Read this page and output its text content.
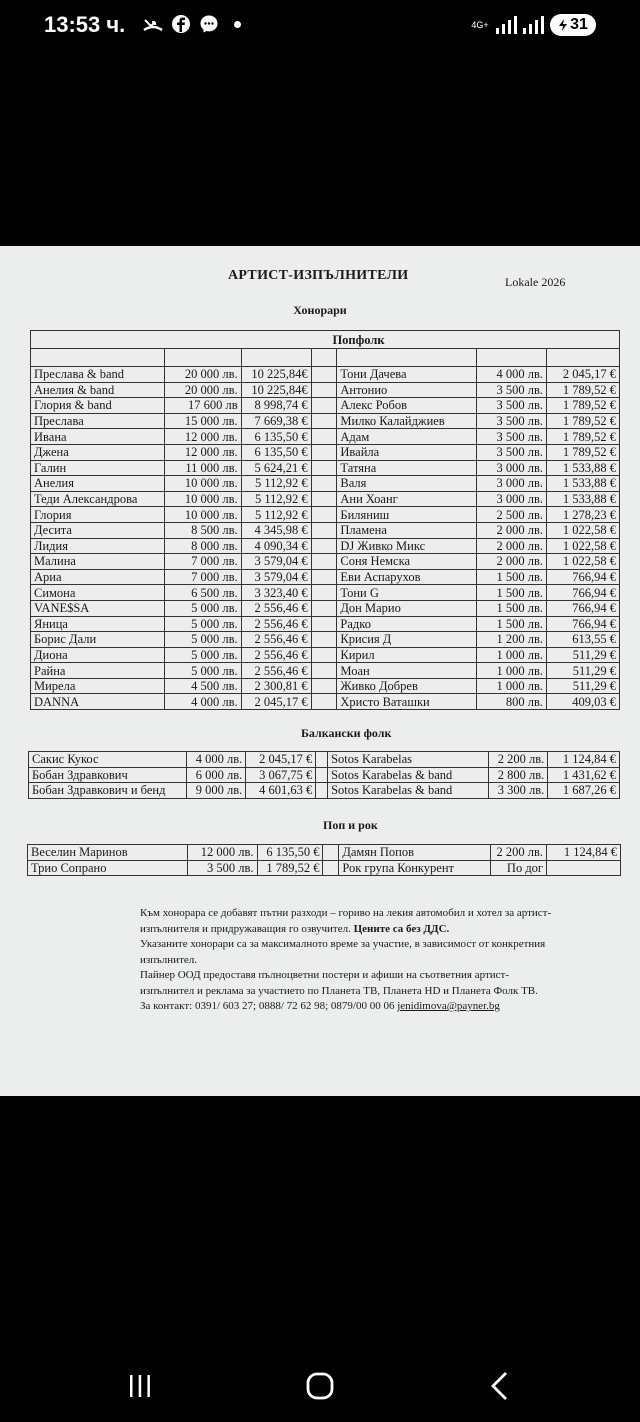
13:53 ч.	4G+	31
АРТИСТ-ИЗПЪЛНИТЕЛИ	Lokale 2026
Хонорари
Попфолк						

Преслава & band	20 000 лв.	10 225,84€		Тони Дачева	4 000 лв.	2 045,17 €
Анелия & band	20 000 лв.	10 225,84€		Антонио	3 500 лв.	1 789,52 €
Глория & band	17 600 лв	8 998,74 €		Алекс Робов	3 500 лв.	1 789,52 €
Преслава	15 000 лв.	7 669,38 €		Милко Калайджиев	3 500 лв.	1 789,52 €
Ивана	12 000 лв.	6 135,50 €		Адам	3 500 лв.	1 789,52 €
Джена	12 000 лв.	6 135,50 €		Ивайла	3 500 лв.	1 789,52 €
Галин	11 000 лв.	5 624,21 €		Татяна	3 000 лв.	1 533,88 €
Анелия	10 000 лв.	5 112,92 €		Валя	3 000 лв.	1 533,88 €
Теди Александрова	10 000 лв.	5 112,92 €		Ани Хоанг	3 000 лв.	1 533,88 €
Глория	10 000 лв.	5 112,92 €		Биляниш	2 500 лв.	1 278,23 €
Десита	8 500 лв.	4 345,98 €		Пламена	2 000 лв.	1 022,58 €
Лидия	8 000 лв.	4 090,34 €		DJ Живко Микс	2 000 лв.	1 022,58 €
Малина	7 000 лв.	3 579,04 €		Соня Немска	2 000 лв.	1 022,58 €
Ариа	7 000 лв.	3 579,04 €		Еви Аспарухов	1 500 лв.	766,94 €
Симона	6 500 лв.	3 323,40 €		Тони G	1 500 лв.	766,94 €
VANE$SA	5 000 лв.	2 556,46 €		Дон Марио	1 500 лв.	766,94 €
Яница	5 000 лв.	2 556,46 €		Радко	1 500 лв.	766,94 €
Борис Дали	5 000 лв.	2 556,46 €		Крисия Д	1 200 лв.	613,55 €
Диона	5 000 лв.	2 556,46 €		Кирил	1 000 лв.	511,29 €
Райна	5 000 лв.	2 556,46 €		Моан	1 000 лв.	511,29 €
Мирела	4 500 лв.	2 300,81 €		Живко Добрев	1 000 лв.	511,29 €
DANNA	4 000 лв.	2 045,17 €		Христо Ваташки	800 лв.	409,03 €
Балкански фолк
Сакис Кукос	4 000 лв.	2 045,17 €		Sotos Karabelas	2 200 лв.	1 124,84 €
Бобан Здравкович	6 000 лв.	3 067,75 €		Sotos Karabelas & band	2 800 лв.	1 431,62 €
Бобан Здравкович и бенд	9 000 лв.	4 601,63 €		Sotos Karabelas & band	3 300 лв.	1 687,26 €
Поп и рок
Веселин Маринов	12 000 лв.	6 135,50 €		Дамян Попов	2 200 лв.	1 124,84 €
Трио Сопрано	3 500 лв.	1 789,52 €		Рок група Конкурент	По дог	

Към хонорара се добавят пътни разходи – гориво на лекия автомобил и хотел за артист-изпълнителя и придружаващия го озвучител. Цените са без ДДС.

Указаните хонорари са за максималното време за участие, в зависимост от конкретния изпълнител.

Пайнер ООД предоставя пълноцветни постери и афиши на съответния артист-изпълнител и реклама за участието по Планета ТВ, Планета HD и Планета Фолк ТВ.

За контакт: 0391/ 603 27; 0888/ 72 62 98; 0879/00 00 06 jenidimova@payner.bg
